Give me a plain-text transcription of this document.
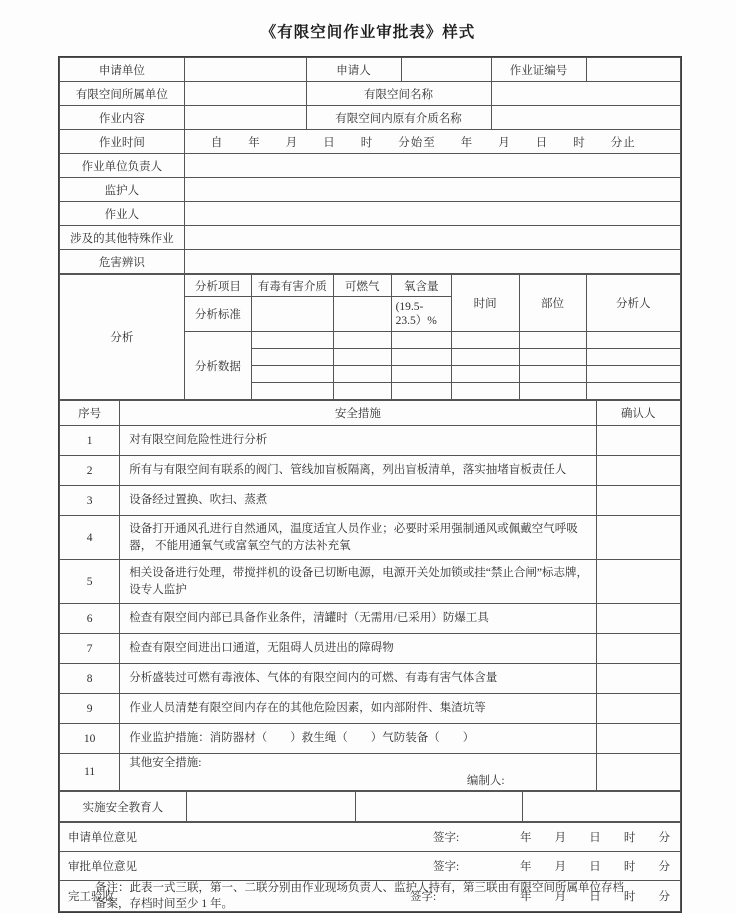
《有限空间作业审批表》样式
申请单位		申请人		作业证编号	
有限空间所属单位		有限空间名称			
作业内容		有限空间内原有介质名称			
作业时间	自　　年　　月　　日　　时　　分始至　　年　　月　　日　　时　　分止				
作业单位负责人					
监护人					
作业人					
涉及的其他特殊作业					
危害辨识					
分析	分析项目	有毒有害介质	可燃气	氧含量	时间	部位	分析人
	分析标准			(19.5-23.5）%			
	分析数据						

序号	安全措施	确认人
1	对有限空间危险性进行分析	
2	所有与有限空间有联系的阀门、管线加盲板隔离，列出盲板清单，落实抽堵盲板责任人	
3	设备经过置换、吹扫、蒸煮	
4	设备打开通风孔进行自然通风，温度适宜人员作业；必要时采用强制通风或佩戴空气呼吸器， 不能用通氧气或富氧空气的方法补充氧	
5	相关设备进行处理，带搅拌机的设备已切断电源，电源开关处加锁或挂“禁止合闸”标志牌，设专人监护	
6	检查有限空间内部已具备作业条件，清罐时（无需用/已采用）防爆工具	
7	检查有限空间进出口通道，无阻碍人员进出的障碍物	
8	分析盛装过可燃有毒液体、气体的有限空间内的可燃、有毒有害气体含量	
9	作业人员清楚有限空间内存在的其他危险因素，如内部附件、集渣坑等	
10	作业监护措施：消防器材（　　）救生绳（　　）气防装备（　　）	
11	其他安全措施:
编制人:	

实施安全教育人			
申请单位意见	签字:	年 月 日 时 分

审批单位意见	签字:	年 月 日 时 分

完工验收	签字:	年 月 日 时 分
备注：此表一式三联，第一、二联分别由作业现场负责人、监护人持有，第三联由有限空间所属单位存档
备案，存档时间至少 1 年。
